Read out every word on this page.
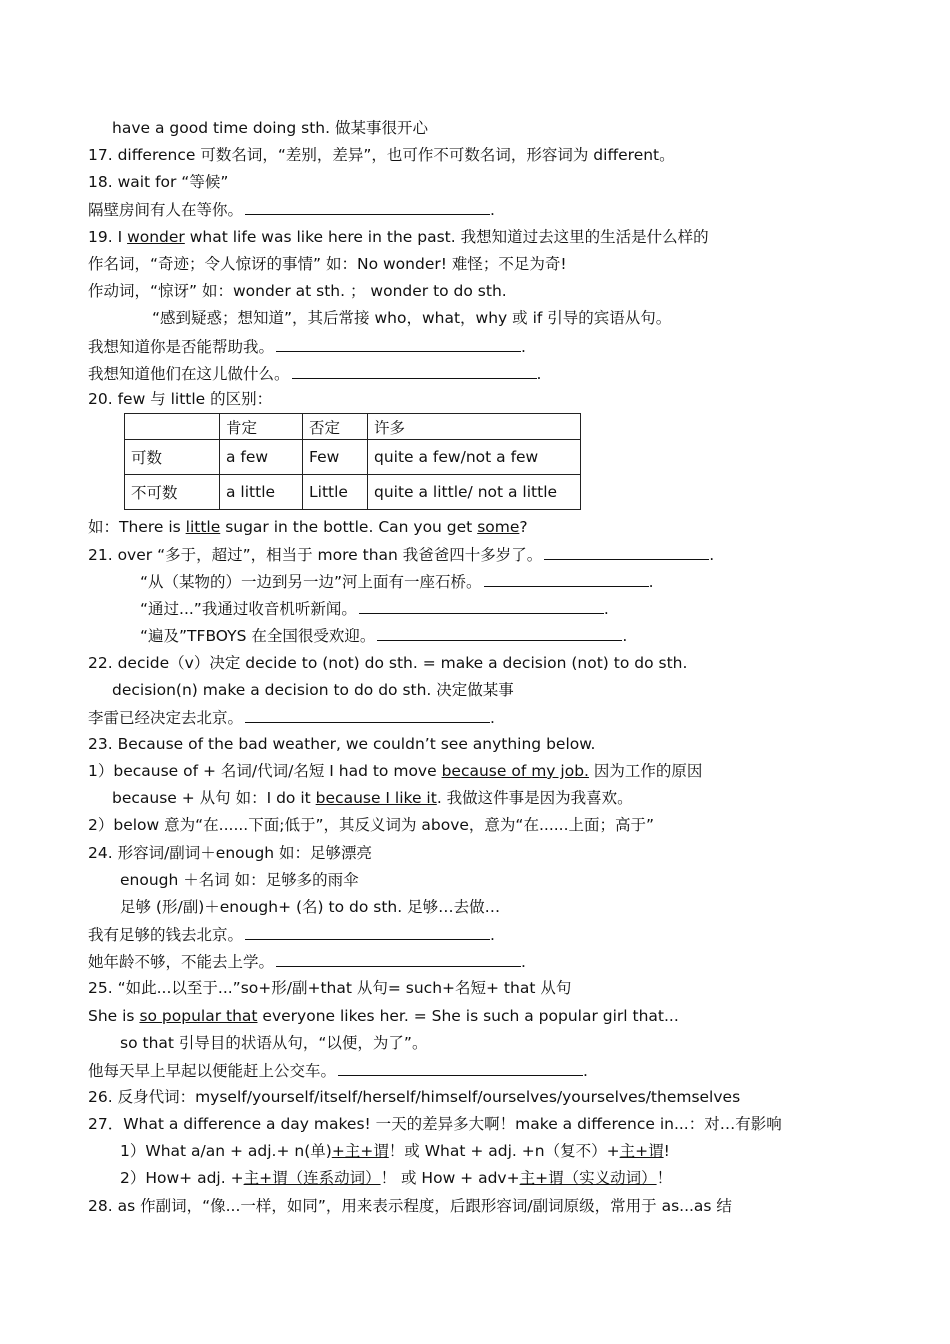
have a good time doing sth. 做某事很开心
17. difference 可数名词，“差别，差异”，也可作不可数名词，形容词为 different。
18. wait for “等候”
隔壁房间有人在等你。	.
19. I wonder what life was like here in the past. 我想知道过去这里的生活是什么样的
作名词，“奇迹；令人惊讶的事情” 如：No wonder! 难怪；不足为奇!
作动词，“惊讶” 如：wonder at sth. ； wonder to do sth.
“感到疑惑；想知道”，其后常接 who，what，why 或 if 引导的宾语从句。
我想知道你是否能帮助我。	.
我想知道他们在这儿做什么。	.
20. few 与 little 的区别：
	肯定	否定	许多
可数	a few	Few	quite a few/not a few
不可数	a little	Little	quite a little/ not a little
如：There is little sugar in the bottle. Can you get some?
21. over “多于，超过”，相当于 more than 我爸爸四十多岁了。	.
“从（某物的）一边到另一边”河上面有一座石桥。	.
“通过...”我通过收音机听新闻。	.
“遍及”TFBOYS 在全国很受欢迎。	.
22. decide（v）决定 decide to (not) do sth. = make a decision (not) to do sth.
decision(n) make a decision to do do sth. 决定做某事
李雷已经决定去北京。	.
23. Because of the bad weather, we couldn’t see anything below.
1）because of + 名词/代词/名短 I had to move because of my job. 因为工作的原因
because + 从句 如：I do it because I like it. 我做这件事是因为我喜欢。
2）below 意为“在......下面;低于”，其反义词为 above，意为“在......上面；高于”
24. 形容词/副词＋enough 如：足够漂亮
enough ＋名词 如：足够多的雨伞
足够 (形/副)＋enough+ (名) to do sth. 足够…去做…
我有足够的钱去北京。	.
她年龄不够，不能去上学。	.
25. “如此...以至于...”so+形/副+that 从句= such+名短+ that 从句
She is so popular that everyone likes her. = She is such a popular girl that...
so that 引导目的状语从句，“以便，为了”。
他每天早上早起以便能赶上公交车。	.
26. 反身代词：myself/yourself/itself/herself/himself/ourselves/yourselves/themselves
27．What a difference a day makes! 一天的差异多大啊！make a difference in...：对…有影响
1）What a/an + adj.+ n(单)+主+谓！或 What + adj. +n（复不）+主+谓!
2）How+ adj. +主+谓（连系动词）！ 或 How + adv+主+谓（实义动词）！
28. as 作副词，“像...一样，如同”，用来表示程度，后跟形容词/副词原级，常用于 as...as 结
